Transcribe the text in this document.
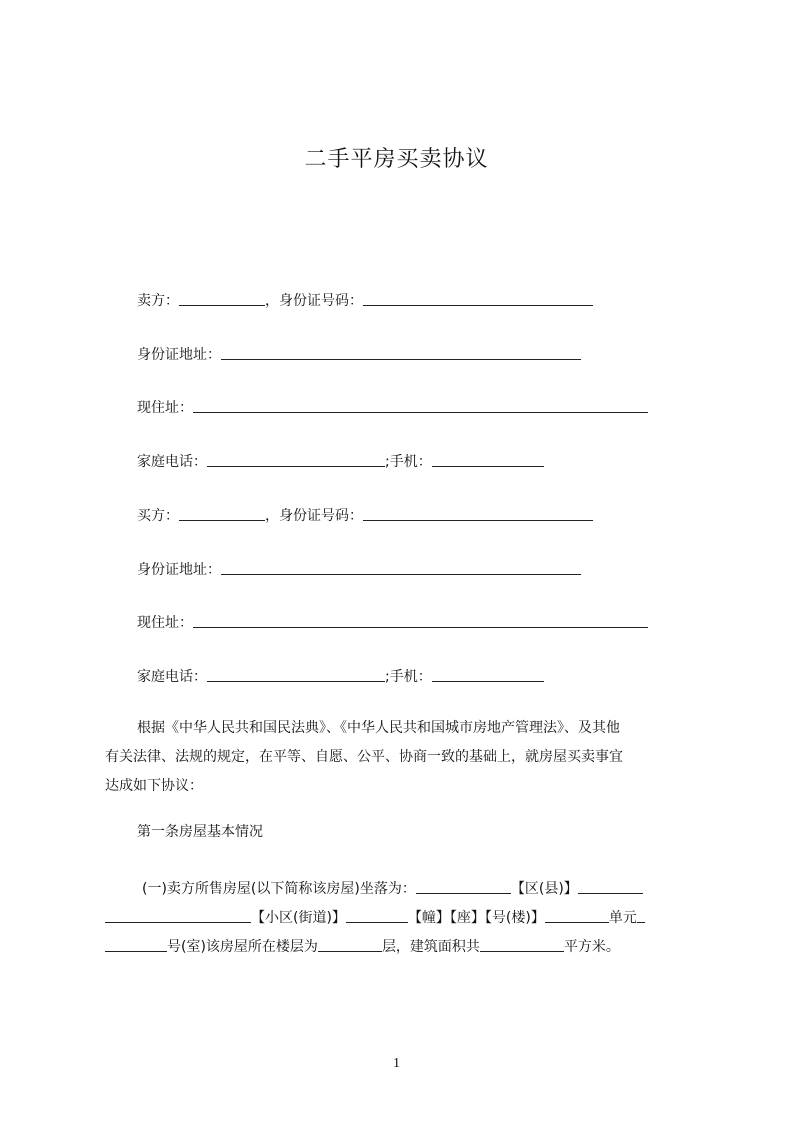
二手平房买卖协议
卖方：	，身份证号码：
身份证地址：
现住址：
家庭电话：	;手机：
买方：	，身份证号码：
身份证地址：
现住址：
家庭电话：	;手机：
根据《中华人民共和国民法典》、《中华人民共和国城市房地产管理法》、及其他
有关法律、法规的规定，在平等、自愿、公平、协商一致的基础上，就房屋买卖事宜
达成如下协议：
第一条房屋基本情况
(一)卖方所售房屋(以下简称该房屋)坐落为：	【区(县)】
【小区(街道)】	【幢】【座】【号(楼)】	单元
号(室)该房屋所在楼层为	层，建筑面积共	平方米。
1
